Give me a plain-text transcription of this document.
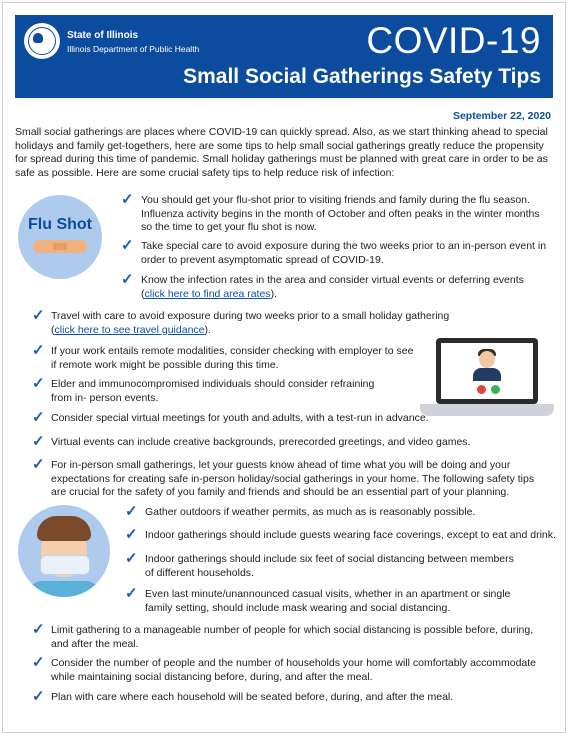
State of Illinois
Illinois Department of Public Health	COVID-19
Small Social Gatherings Safety Tips
September 22, 2020
Small social gatherings are places where COVID-19 can quickly spread. Also, as we start thinking ahead to special holidays and family get-togethers, here are some tips to help small social gatherings greatly reduce the propensity for spread during this time of pandemic. Small holiday gatherings must be planned with great care in order to be as safe as possible. Here are some crucial safety tips to help reduce risk of infection:
Flu Shot
✓ You should get your flu-shot prior to visiting friends and family during the flu season. Influenza activity begins in the month of October and often peaks in the winter months so the time to get your flu shot is now.
✓ Take special care to avoid exposure during the two weeks prior to an in-person event in order to prevent asymptomatic spread of COVID-19.
✓ Know the infection rates in the area and consider virtual events or deferring events
(click here to find area rates).
✓ Travel with care to avoid exposure during two weeks prior to a small holiday gathering
(click here to see travel guidance).
✓ If your work entails remote modalities, consider checking with employer to see if remote work might be possible during this time.
✓ Elder and immunocompromised individuals should consider refraining from in- person events.
✓ Consider special virtual meetings for youth and adults, with a test-run in advance.
✓ Virtual events can include creative backgrounds, prerecorded greetings, and video games.
✓ For in-person small gatherings, let your guests know ahead of time what you will be doing and your expectations for creating safe in-person holiday/social gatherings in your home. The following safety tips are crucial for the safety of you family and friends and should be an essential part of your planning.
✓ Gather outdoors if weather permits, as much as is reasonably possible.
✓ Indoor gatherings should include guests wearing face coverings, except to eat and drink.
✓ Indoor gatherings should include six feet of social distancing between members of different households.
✓ Even last minute/unannounced casual visits, whether in an apartment or single family setting, should include mask wearing and social distancing.
✓ Limit gathering to a manageable number of people for which social distancing is possible before, during, and after the meal.
✓ Consider the number of people and the number of households your home will comfortably accommodate while maintaining social distancing before, during, and after the meal.
✓ Plan with care where each household will be seated before, during, and after the meal.
